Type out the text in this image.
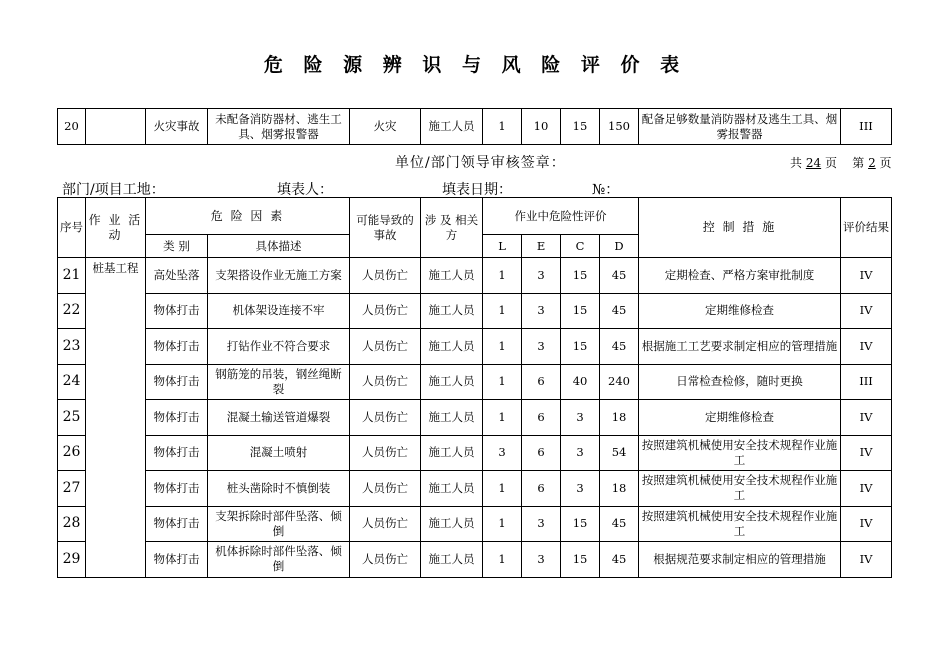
危 险 源 辨 识 与 风 险 评 价 表
20		火灾事故	未配备消防器材、逃生工具、烟雾报警器	火灾	施工人员	1	10	15	150	配备足够数量消防器材及逃生工具、烟雾报警器	III
单位/部门领导审核签章：	共 24 页 第 2 页
部门/项目工地：	填表人：	填表日期：	№：
序号	作 业 活 动	危 险 因 素		可能导致的事故	涉 及 相关方	作业中危险性评价				控 制 措 施	评价结果
		类 别	具体描述			L	E	C	D		
21	桩基工程	高处坠落	支架搭设作业无施工方案	人员伤亡	施工人员	1	3	15	45	定期检查、严格方案审批制度	IV
22		物体打击	机体架设连接不牢	人员伤亡	施工人员	1	3	15	45	定期维修检查	IV
23		物体打击	打钻作业不符合要求	人员伤亡	施工人员	1	3	15	45	根据施工工艺要求制定相应的管理措施	IV
24		物体打击	钢筋笼的吊装，钢丝绳断裂	人员伤亡	施工人员	1	6	40	240	日常检查检修，随时更换	III
25		物体打击	混凝土输送管道爆裂	人员伤亡	施工人员	1	6	3	18	定期维修检查	IV
26		物体打击	混凝土喷射	人员伤亡	施工人员	3	6	3	54	按照建筑机械使用安全技术规程作业施工	IV
27		物体打击	桩头凿除时不慎倒装	人员伤亡	施工人员	1	6	3	18	按照建筑机械使用安全技术规程作业施工	IV
28		物体打击	支架拆除时部件坠落、倾倒	人员伤亡	施工人员	1	3	15	45	按照建筑机械使用安全技术规程作业施工	IV
29		物体打击	机体拆除时部件坠落、倾倒	人员伤亡	施工人员	1	3	15	45	根据规范要求制定相应的管理措施	IV
